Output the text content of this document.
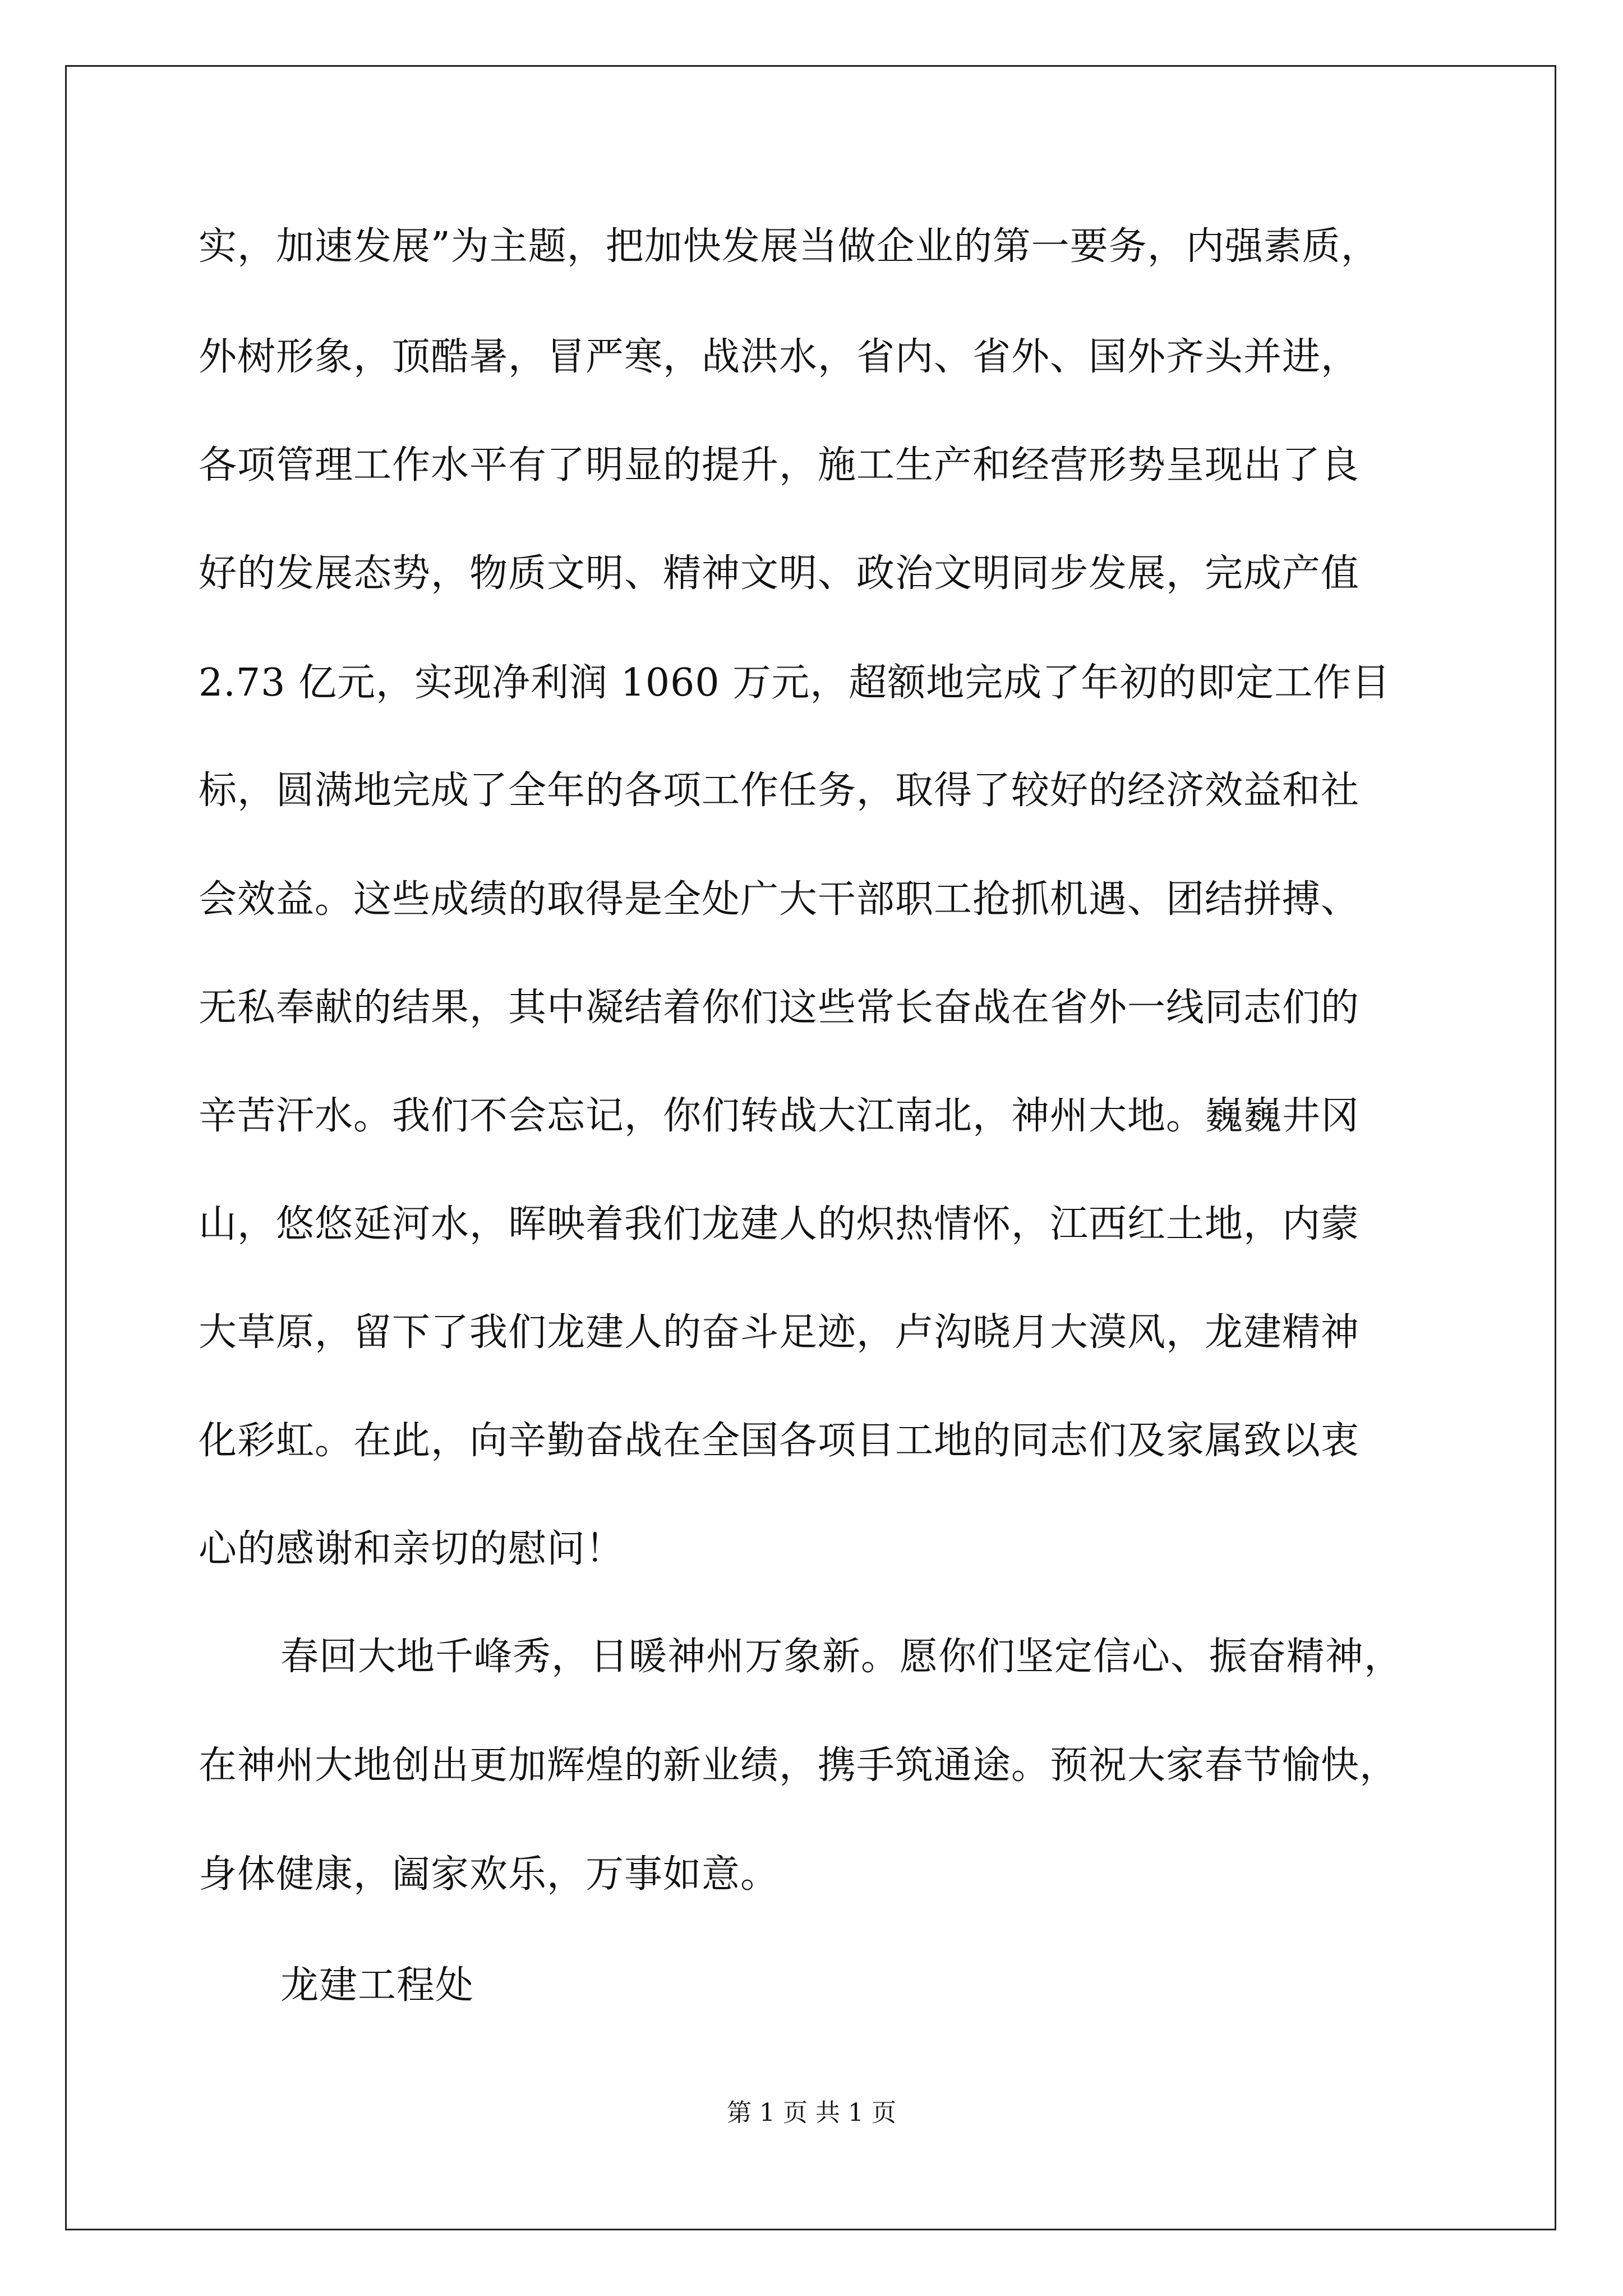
实，加速发展”为主题，把加快发展当做企业的第一要务，内强素质，
外树形象，顶酷暑，冒严寒，战洪水，省内、省外、国外齐头并进，
各项管理工作水平有了明显的提升，施工生产和经营形势呈现出了良
好的发展态势，物质文明、精神文明、政治文明同步发展，完成产值
2.73 亿元，实现净利润 1060 万元，超额地完成了年初的即定工作目
标，圆满地完成了全年的各项工作任务，取得了较好的经济效益和社
会效益。这些成绩的取得是全处广大干部职工抢抓机遇、团结拼搏、
无私奉献的结果，其中凝结着你们这些常长奋战在省外一线同志们的
辛苦汗水。我们不会忘记，你们转战大江南北，神州大地。巍巍井冈
山，悠悠延河水，晖映着我们龙建人的炽热情怀，江西红土地，内蒙
大草原，留下了我们龙建人的奋斗足迹，卢沟晓月大漠风，龙建精神
化彩虹。在此，向辛勤奋战在全国各项目工地的同志们及家属致以衷
心的感谢和亲切的慰问！
春回大地千峰秀，日暖神州万象新。愿你们坚定信心、振奋精神，
在神州大地创出更加辉煌的新业绩，携手筑通途。预祝大家春节愉快，
身体健康，阖家欢乐，万事如意。
龙建工程处
第 1 页 共 1 页
